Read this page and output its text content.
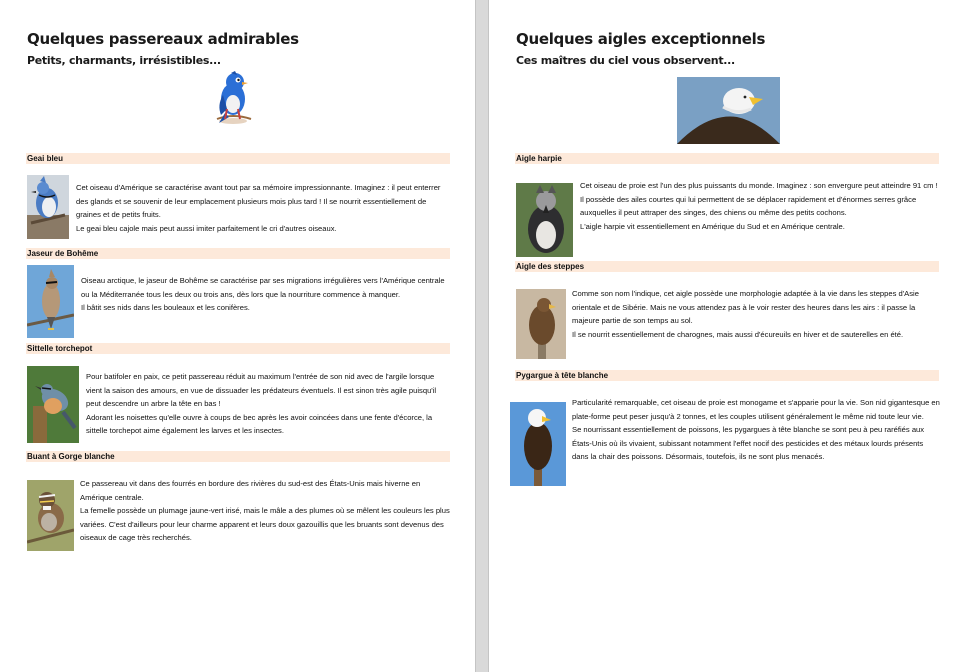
Quelques passereaux admirables
Petits, charmants, irrésistibles...
Geai bleu

Cet oiseau d'Amérique se caractérise avant tout par sa mémoire impressionnante. Imaginez : il peut enterrer des glands et se souvenir de leur emplacement plusieurs mois plus tard ! Il se nourrit essentiellement de graines et de petits fruits.

Le geai bleu cajole mais peut aussi imiter parfaitement le cri d'autres oiseaux.

Jaseur de Bohême

Oiseau arctique, le jaseur de Bohême se caractérise par ses migrations irrégulières vers l'Amérique centrale ou la Méditerranée tous les deux ou trois ans, dès lors que la nourriture commence à manquer.

Il bâtit ses nids dans les bouleaux et les conifères.

Sittelle torchepot

Pour batifoler en paix, ce petit passereau réduit au maximum l'entrée de son nid avec de l'argile lorsque vient la saison des amours, en vue de dissuader les prédateurs éventuels. Il est sinon très agile puisqu'il peut descendre un arbre la tête en bas !

Adorant les noisettes qu'elle ouvre à coups de bec après les avoir coincées dans une fente d'écorce, la sittelle torchepot aime également les larves et les insectes.

Buant à Gorge blanche

Ce passereau vit dans des fourrés en bordure des rivières du sud-est des États-Unis mais hiverne en Amérique centrale.

La femelle possède un plumage jaune-vert irisé, mais le mâle a des plumes où se mêlent les couleurs les plus variées. C'est d'ailleurs pour leur charme apparent et leurs doux gazouillis que les bruants sont devenus des oiseaux de cage très recherchés.

Quelques aigles exceptionnels
Ces maîtres du ciel vous observent...
Aigle harpie

Cet oiseau de proie est l'un des plus puissants du monde. Imaginez : son envergure peut atteindre 91 cm ! Il possède des ailes courtes qui lui permettent de se déplacer rapidement et d'énormes serres grâce auxquelles il peut attraper des singes, des chiens ou même des petits cochons.

L'aigle harpie vit essentiellement en Amérique du Sud et en Amérique centrale.

Aigle des steppes

Comme son nom l'indique, cet aigle possède une morphologie adaptée à la vie dans les steppes d'Asie orientale et de Sibérie. Mais ne vous attendez pas à le voir rester des heures dans les airs : il passe la majeure partie de son temps au sol.

Il se nourrit essentiellement de charognes, mais aussi d'écureuils en hiver et de sauterelles en été.

Pygargue à tête blanche

Particularité remarquable, cet oiseau de proie est monogame et s'apparie pour la vie. Son nid gigantesque en plate-forme peut peser jusqu'à 2 tonnes, et les couples utilisent généralement le même nid toute leur vie.

Se nourrissant essentiellement de poissons, les pygargues à tête blanche se sont peu à peu raréfiés aux États-Unis où ils vivaient, subissant notamment l'effet nocif des pesticides et des métaux lourds présents dans la chair des poissons. Désormais, toutefois, ils ne sont plus menacés.
